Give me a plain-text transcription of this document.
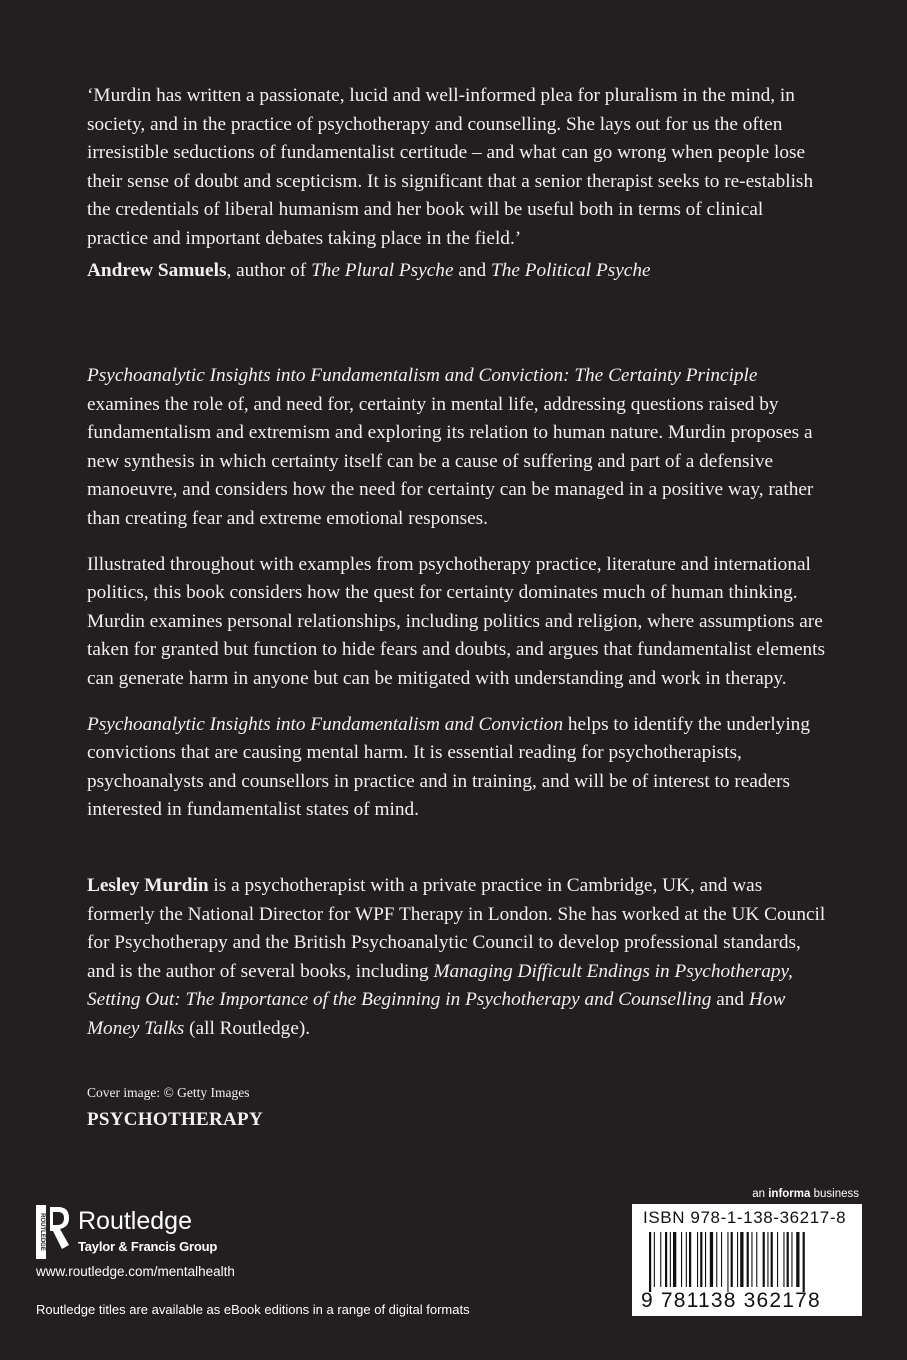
‘Murdin has written a passionate, lucid and well-informed plea for pluralism in the mind, in society, and in the practice of psychotherapy and counselling. She lays out for us the often irresistible seductions of fundamentalist certitude – and what can go wrong when people lose their sense of doubt and scepticism. It is significant that a senior therapist seeks to re-establish the credentials of liberal humanism and her book will be useful both in terms of clinical practice and important debates taking place in the field.’

Andrew Samuels, author of The Plural Psyche and The Political Psyche

Psychoanalytic Insights into Fundamentalism and Conviction: The Certainty Principle examines the role of, and need for, certainty in mental life, addressing questions raised by fundamentalism and extremism and exploring its relation to human nature. Murdin proposes a new synthesis in which certainty itself can be a cause of suffering and part of a defensive manoeuvre, and considers how the need for certainty can be managed in a positive way, rather than creating fear and extreme emotional responses.

Illustrated throughout with examples from psychotherapy practice, literature and international politics, this book considers how the quest for certainty dominates much of human thinking. Murdin examines personal relationships, including politics and religion, where assumptions are taken for granted but function to hide fears and doubts, and argues that fundamentalist elements can generate harm in anyone but can be mitigated with understanding and work in therapy.

Psychoanalytic Insights into Fundamentalism and Conviction helps to identify the underlying convictions that are causing mental harm. It is essential reading for psychotherapists, psychoanalysts and counsellors in practice and in training, and will be of interest to readers interested in fundamentalist states of mind.

Lesley Murdin is a psychotherapist with a private practice in Cambridge, UK, and was formerly the National Director for WPF Therapy in London. She has worked at the UK Council for Psychotherapy and the British Psychoanalytic Council to develop professional standards, and is the author of several books, including Managing Difficult Endings in Psychotherapy, Setting Out: The Importance of the Beginning in Psychotherapy and Counselling and How Money Talks (all Routledge).

Cover image: © Getty Images
PSYCHOTHERAPY
ROUTLEDGE Routledge
Taylor & Francis Group
www.routledge.com/mentalhealth
Routledge titles are available as eBook editions in a range of digital formats
an informa business
ISBN 978-1-138-36217-8
9 781138 362178
